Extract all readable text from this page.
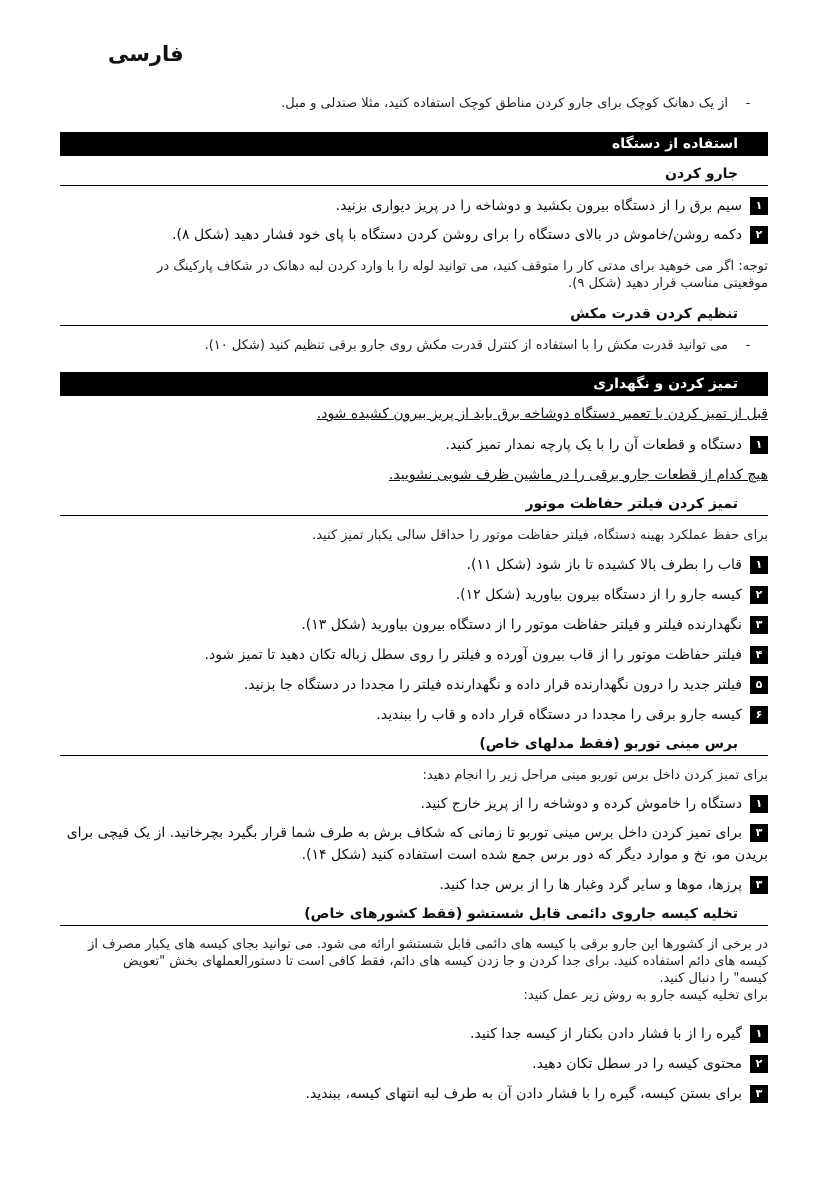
فارسی
-از یک دهانک کوچک برای جارو کردن مناطق کوچک استفاده کنید، مثلا صندلی و مبل.
استفاده از دستگاه
جارو کردن
١سیم برق را از دستگاه بیرون بکشید و دوشاخه را در پریز دیواری بزنید.
٢دکمه روشن/خاموش در بالای دستگاه را برای روشن کردن دستگاه با پای خود فشار دهید (شکل ۸).
توجه: اگر می خوهید برای مدتی کار را متوقف کنید، می توانید لوله را با وارد کردن لبه دهانک در شکاف پارکینگ در
موقعیتی مناسب قرار دهید (شکل ۹).
تنظیم کردن قدرت مکش
-می توانید قدرت مکش را با استفاده از کنترل قدرت مکش روی جارو برقی تنظیم کنید (شکل ۱۰).
تمیز کردن و نگهداری
قبل از تمیز کردن یا تعمیر دستگاه دوشاخه برق باید از پریز بیرون کشیده شود.
١دستگاه و قطعات آن را با یک پارچه نمدار تمیز کنید.
هیچ کدام از قطعات جارو برقی را در ماشین ظرف شویی نشویید.
تمیز کردن فیلتر حفاظت موتور
برای حفظ عملکرد بهینه دستگاه، فیلتر حفاظت موتور را حداقل سالی یکبار تمیز کنید.
۱قاب را بطرف بالا کشیده تا باز شود (شکل ۱۱).
۲کیسه جارو را از دستگاه بیرون بیاورید (شکل ۱۲).
۳نگهدارنده فیلتر و فیلتر حفاظت موتور را از دستگاه بیرون بیاورید (شکل ۱۳).
۴فیلتر حفاظت موتور را از قاب بیرون آورده و فیلتر را روی سطل زباله تکان دهید تا تمیز شود.
۵فیلتر جدید را درون نگهدارنده قرار داده و نگهدارنده فیلتر را مجددا در دستگاه جا بزنید.
۶کیسه جارو برقی را مجددا در دستگاه قرار داده و قاب را ببندید.
برس مینی توربو (فقط مدلهای خاص)
برای تمیز کردن داخل برس توربو مینی مراحل زیر را انجام دهید:
۱دستگاه را خاموش کرده و دوشاخه را از پریز خارج کنید.
۳برای تمیز کردن داخل برس مینی توربو تا زمانی که شکاف برش به طرف شما قرار بگیرد بچرخانید. از یک قیچی برای
بریدن مو، نخ و موارد دیگر که دور برس جمع شده است استفاده کنید (شکل ۱۴).
۳پرزها، موها و سایر گرد وغبار ها را از برس جدا کنید.
تخلیه کیسه جاروی دائمی قابل شستشو (فقط کشورهای خاص)
در برخی از کشورها این جارو برقی با کیسه های دائمی قابل شستشو ارائه می شود. می توانید بجای کیسه های یکبار مصرف از
کیسه های دائم استفاده کنید. برای جدا کردن و جا زدن کیسه های دائم، فقط کافی است تا دستورالعملهای بخش "تعویض
کیسه" را دنبال کنید.
برای تخلیه کیسه جارو به روش زیر عمل کنید:
۱گیره را از با فشار دادن بکنار از کیسه جدا کنید.
۲محتوی کیسه را در سطل تکان دهید.
۳برای بستن کیسه، گیره را با فشار دادن آن به طرف لبه انتهای کیسه، ببندید.
